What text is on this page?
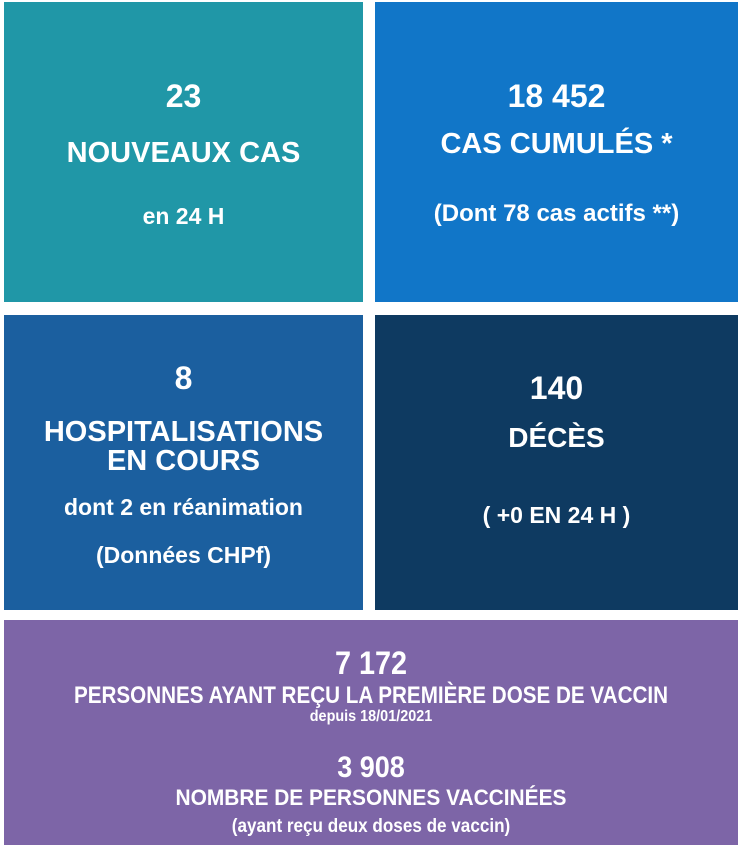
23
NOUVEAUX CAS
en 24 H
18 452
CAS CUMULÉS *
(Dont 78 cas actifs **)
8
HOSPITALISATIONS
EN COURS
dont 2 en réanimation
(Données CHPf)
140
DÉCÈS
( +0 EN 24 H )
7 172
PERSONNES AYANT REÇU LA PREMIÈRE DOSE DE VACCIN
depuis 18/01/2021
3 908
NOMBRE DE PERSONNES VACCINÉES
(ayant reçu deux doses de vaccin)
